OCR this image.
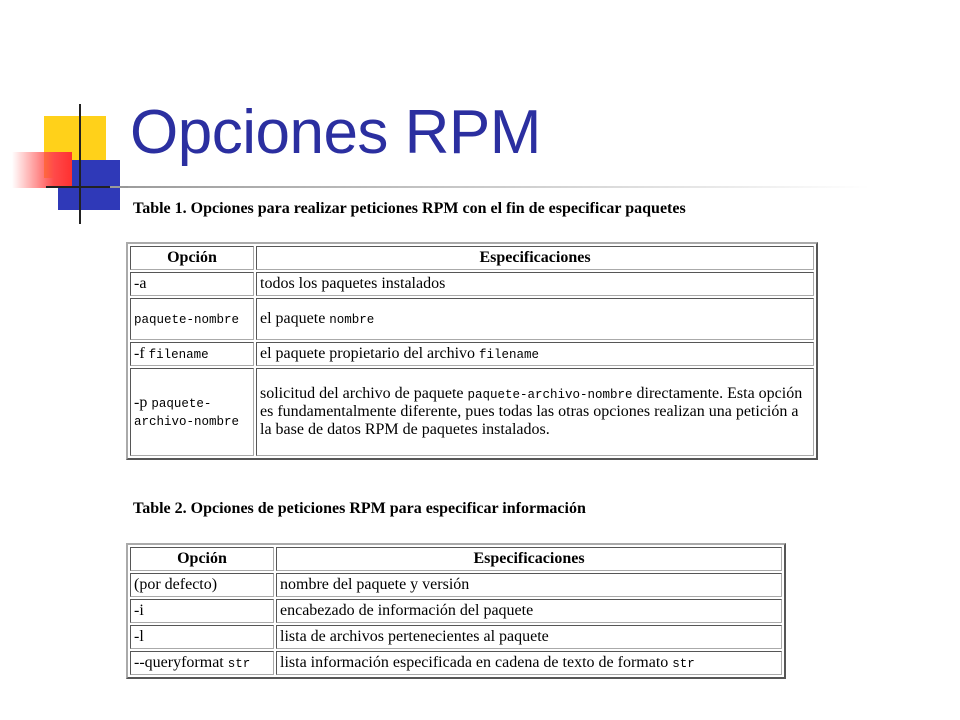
Opciones RPM
Table 1. Opciones para realizar peticiones RPM con el fin de especificar paquetes
Opción	Especificaciones
-a	todos los paquetes instalados
paquete-nombre	el paquete nombre
-f filename	el paquete propietario del archivo filename
-p paquete-archivo-nombre	solicitud del archivo de paquete paquete-archivo-nombre directamente. Esta opción es fundamentalmente diferente, pues todas las otras opciones realizan una petición a la base de datos RPM de paquetes instalados.
Table 2. Opciones de peticiones RPM para especificar información
Opción	Especificaciones
(por defecto)	nombre del paquete y versión
-i	encabezado de información del paquete
-l	lista de archivos pertenecientes al paquete
--queryformat str	lista información especificada en cadena de texto de formato str
